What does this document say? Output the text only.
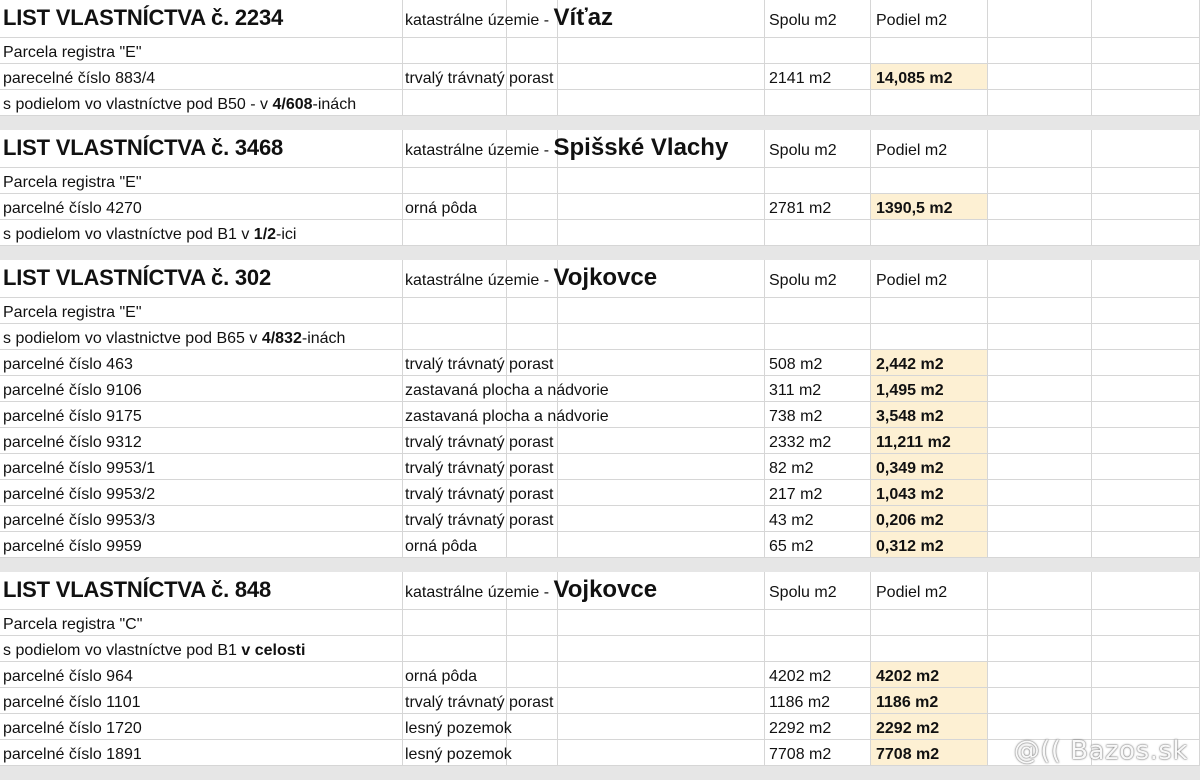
LIST VLASTNÍCTVA č. 2234	katastrálne územie - Víťaz	Spolu m2 Podiel m2
Parcela registra "E"
parecelné číslo 883/4	trvalý trávnatý porast	2141 m2	14,085 m2
s podielom vo vlastníctve pod B50 - v 4/608-inách
LIST VLASTNÍCTVA č. 3468	katastrálne územie - Spišské Vlachy	Spolu m2 Podiel m2
Parcela registra "E"
parcelné číslo 4270	orná pôda	2781 m2	1390,5 m2
s podielom vo vlastníctve pod B1 v 1/2-ici
LIST VLASTNÍCTVA č. 302	katastrálne územie - Vojkovce	Spolu m2 Podiel m2
Parcela registra "E"
s podielom vo vlastnictve pod B65 v 4/832-inách
parcelné číslo 463	trvalý trávnatý porast	508 m2	2,442 m2
parcelné číslo 9106	zastavaná plocha a nádvorie	311 m2	1,495 m2
parcelné číslo 9175	zastavaná plocha a nádvorie	738 m2	3,548 m2
parcelné číslo 9312	trvalý trávnatý porast	2332 m2	11,211 m2
parcelné číslo 9953/1	trvalý trávnatý porast	82 m2	0,349 m2
parcelné číslo 9953/2	trvalý trávnatý porast	217 m2	1,043 m2
parcelné číslo 9953/3	trvalý trávnatý porast	43 m2	0,206 m2
parcelné číslo 9959	orná pôda	65 m2	0,312 m2
LIST VLASTNÍCTVA č. 848	katastrálne územie - Vojkovce	Spolu m2 Podiel m2
Parcela registra "C"
s podielom vo vlastníctve pod B1 v celosti
parcelné číslo 964	orná pôda	4202 m2	4202 m2
parcelné číslo 1101	trvalý trávnatý porast	1186 m2	1186 m2
parcelné číslo 1720	lesný pozemok	2292 m2	2292 m2
parcelné číslo 1891	lesný pozemok	7708 m2	7708 m2	@(( Bazos.sk
